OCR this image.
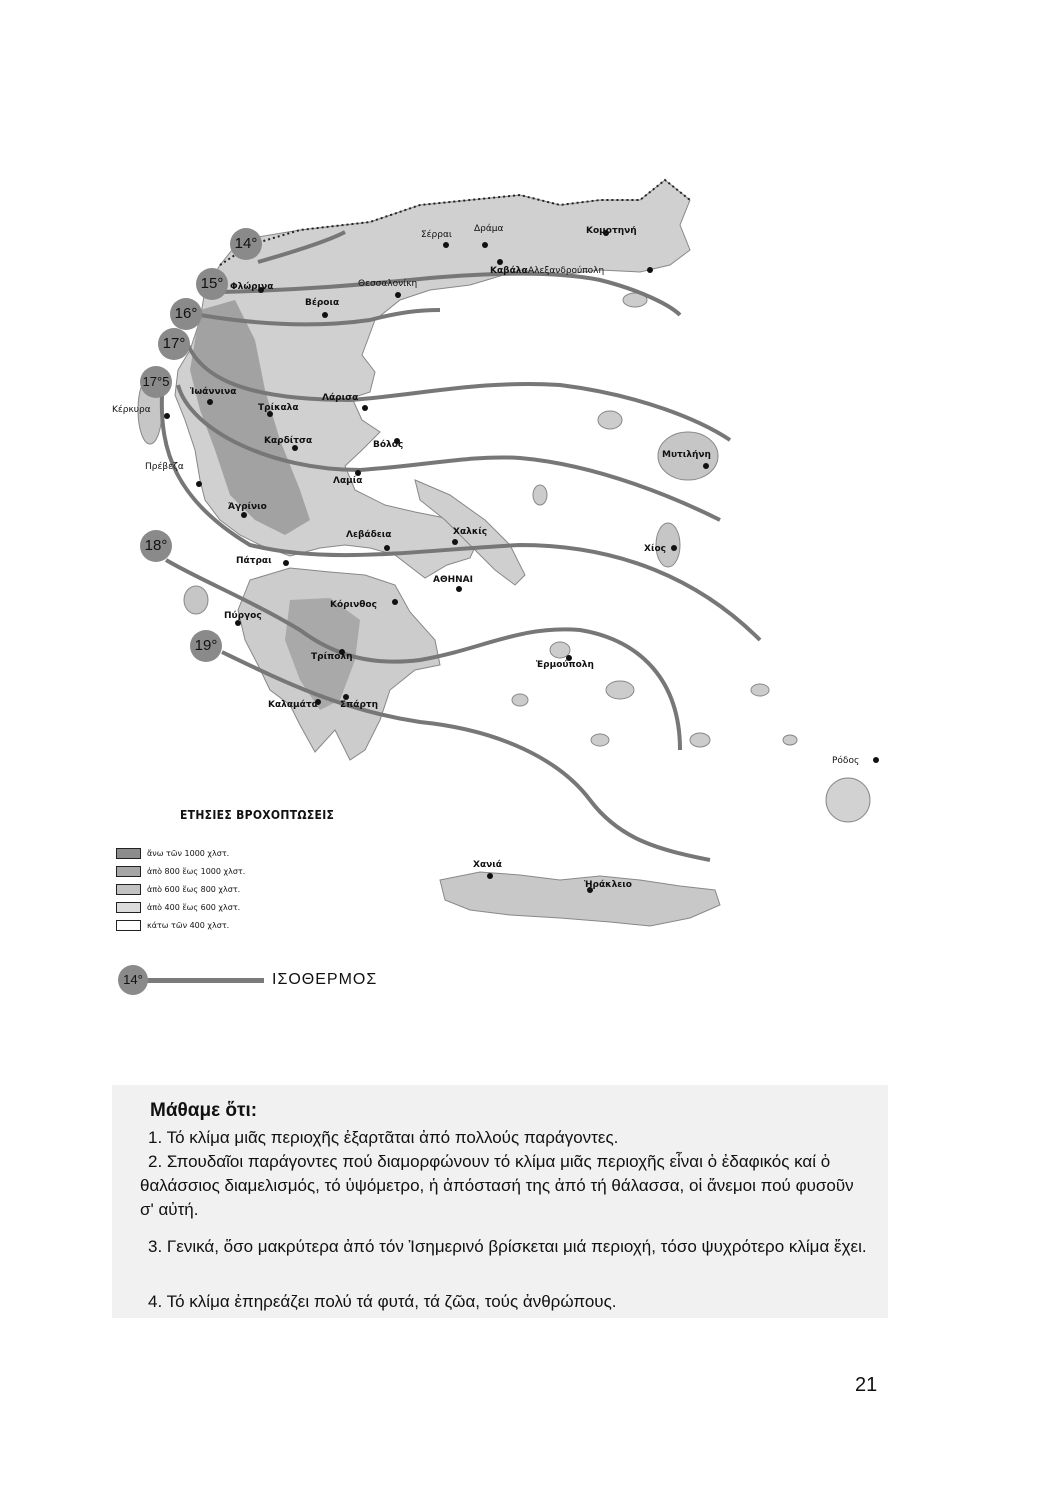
Σέρραι
Δράμα	Κομοτηνή
Καβάλα Αλεξανδρούπολη
Θεσσαλονίκη
Φλώρινα
Βέροια
Ἰωάννινα
Τρίκαλα
Λάρισα
Κέρκυρα
Καρδίτσα	Βόλος
Μυτιλήνη
Πρέβεζα
Λαμία
Ἀγρίνιο
Λεβάδεια	Χαλκίς
Χίος
Πάτραι
ΑΘΗΝΑΙ
Κόρινθος
Πύργος
Τρίπολη
Ἑρμούπολη
Καλαμάτα Σπάρτη
Ρόδος
Χανιά
Ἡράκλειο
14°
15°
16°
17°
17°5
18°
19°
ΕΤΗΣΙΕΣ ΒΡΟΧΟΠΤΩΣΕΙΣ
ἄνω τῶν 1000 χλστ.
ἀπὸ 800 ἕως 1000 χλστ.
ἀπὸ 600 ἕως 800 χλστ.
ἀπὸ 400 ἕως 600 χλστ.
κάτω τῶν 400 χλστ.
14°	ΙΣΟΘΕΡΜΟΣ
Μάθαμε ὅτι:

1. Τό κλίμα μιᾶς περιοχῆς ἐξαρτᾶται ἀπό πολλούς παράγοντες.

2. Σπουδαῖοι παράγοντες πού διαμορφώνουν τό κλίμα μιᾶς περιοχῆς εἶναι ὁ ἐδαφικός καί ὁ θαλάσσιος διαμελισμός, τό ὑψόμετρο, ἡ ἀπόστασή της ἀπό τή θάλασσα, οἱ ἄνεμοι πού φυσοῦν σ' αὐτή.

3. Γενικά, ὅσο μακρύτερα ἀπό τόν Ἰσημερινό βρίσκεται μιά περιοχή, τόσο ψυχρότερο κλίμα ἔχει.

4. Τό κλίμα ἐπηρεάζει πολύ τά φυτά, τά ζῶα, τούς ἀνθρώπους.

21
